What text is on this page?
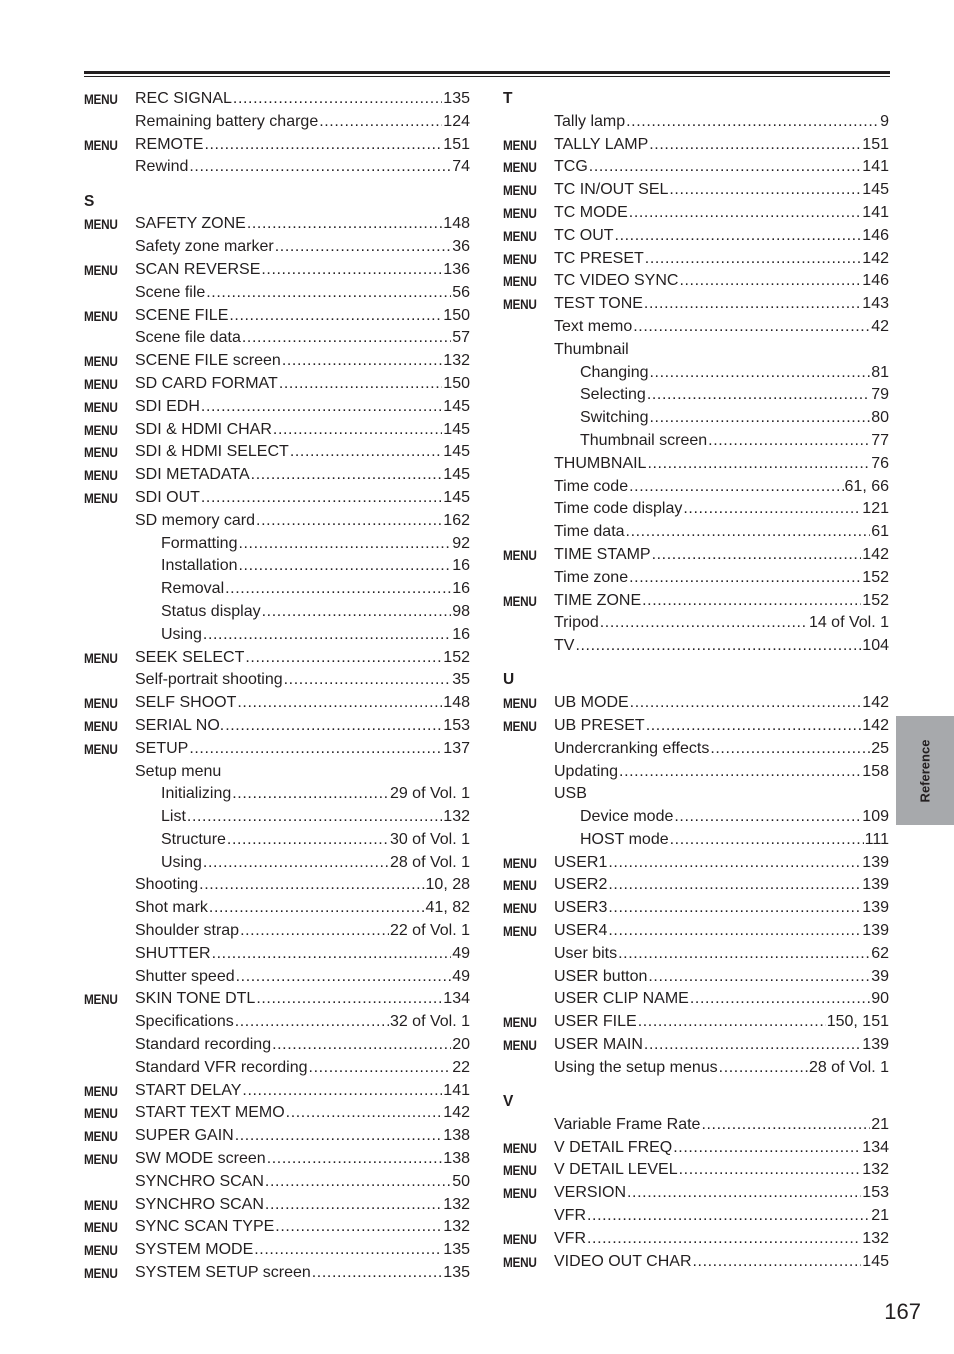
MENU REC SIGNAL .....	135
Remaining battery charge .....	124
MENU REMOTE .....	151
Rewind .....	74
S
MENU SAFETY ZONE .....	148
Safety zone marker .....	36
MENU SCAN REVERSE .....	136
Scene file .....	56
MENU SCENE FILE .....	150
Scene file data .....	57
MENU SCENE FILE screen .....	132
MENU SD CARD FORMAT .....	150
MENU SDI EDH .....	145
MENU SDI & HDMI CHAR .....	145
MENU SDI & HDMI SELECT .....	145
MENU SDI METADATA .....	145
MENU SDI OUT .....	145
SD memory card .....	162
Formatting .....	92
Installation .....	16
Removal .....	16
Status display .....	98
Using .....	16
MENU SEEK SELECT .....	152
Self-portrait shooting .....	35
MENU SELF SHOOT .....	148
MENU SERIAL NO. .....	153
MENU SETUP .....	137
Setup menu
Initializing .....	29 of Vol. 1
List .....	132
Structure .....	30 of Vol. 1
Using .....	28 of Vol. 1
Shooting .....	10, 28
Shot mark .....	41, 82
Shoulder strap .....	22 of Vol. 1
SHUTTER .....	49
Shutter speed .....	49
MENU SKIN TONE DTL .....	134
Specifications .....	32 of Vol. 1
Standard recording .....	20
Standard VFR recording .....	22
MENU START DELAY .....	141
MENU START TEXT MEMO .....	142
MENU SUPER GAIN .....	138
MENU SW MODE screen .....	138
SYNCHRO SCAN .....	50
MENU SYNCHRO SCAN .....	132
MENU SYNC SCAN TYPE .....	132
MENU SYSTEM MODE .....	135
MENU SYSTEM SETUP screen .....	135
T
Tally lamp .....	9
MENU TALLY LAMP .....	151
MENU TCG .....	141
MENU TC IN/OUT SEL .....	145
MENU TC MODE .....	141
MENU TC OUT .....	146
MENU TC PRESET .....	142
MENU TC VIDEO SYNC .....	146
MENU TEST TONE .....	143
Text memo .....	42
Thumbnail
Changing .....	81
Selecting .....	79
Switching .....	80
Thumbnail screen .....	77
THUMBNAIL .....	76
Time code .....	61, 66
Time code display .....	121
Time data .....	61
MENU TIME STAMP .....	142
Time zone .....	152
MENU TIME ZONE .....	152
Tripod .....	14 of Vol. 1
TV .....	104
U
MENU UB MODE .....	142
MENU UB PRESET .....	142
Undercranking effects .....	25
Updating .....	158
USB
Device mode .....	109
HOST mode .....	111
MENU USER1 .....	139
MENU USER2 .....	139
MENU USER3 .....	139
MENU USER4 .....	139
User bits .....	62
USER button .....	39
USER CLIP NAME .....	90
MENU USER FILE .....	150, 151
MENU USER MAIN .....	139
Using the setup menus .....	28 of Vol. 1
V
Variable Frame Rate .....	21
MENU V DETAIL FREQ .....	134
MENU V DETAIL LEVEL .....	132
MENU VERSION .....	153
VFR .....	21
MENU VFR .....	132
MENU VIDEO OUT CHAR .....	145
Reference
167
